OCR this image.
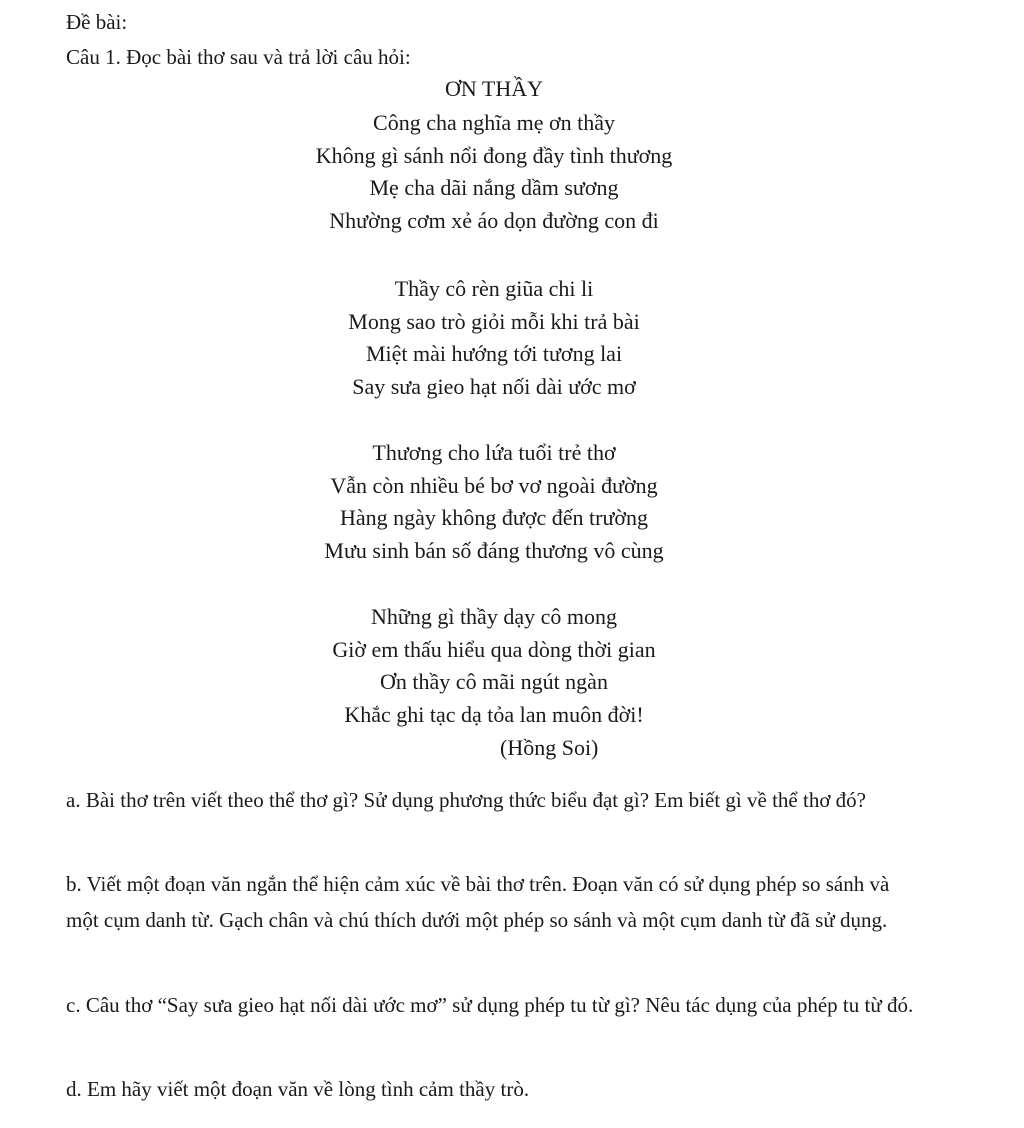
Đề bài:
Câu 1. Đọc bài thơ sau và trả lời câu hỏi:
ƠN THẦY
Công cha nghĩa mẹ ơn thầy
Không gì sánh nổi đong đầy tình thương
Mẹ cha dãi nắng dầm sương
Nhường cơm xẻ áo dọn đường con đi
Thầy cô rèn giũa chi li
Mong sao trò giỏi mỗi khi trả bài
Miệt mài hướng tới tương lai
Say sưa gieo hạt nối dài ước mơ
Thương cho lứa tuổi trẻ thơ
Vẫn còn nhiều bé bơ vơ ngoài đường
Hàng ngày không được đến trường
Mưu sinh bán số đáng thương vô cùng
Những gì thầy dạy cô mong
Giờ em thấu hiểu qua dòng thời gian
Ơn thầy cô mãi ngút ngàn
Khắc ghi tạc dạ tỏa lan muôn đời!
(Hồng Soi)
a. Bài thơ trên viết theo thể thơ gì? Sử dụng phương thức biểu đạt gì? Em biết gì về thể thơ đó?
b. Viết một đoạn văn ngắn thể hiện cảm xúc về bài thơ trên. Đoạn văn có sử dụng phép so sánh và một cụm danh từ. Gạch chân và chú thích dưới một phép so sánh và một cụm danh từ đã sử dụng.
c. Câu thơ “Say sưa gieo hạt nối dài ước mơ” sử dụng phép tu từ gì? Nêu tác dụng của phép tu từ đó.
d. Em hãy viết một đoạn văn về lòng tình cảm thầy trò.
